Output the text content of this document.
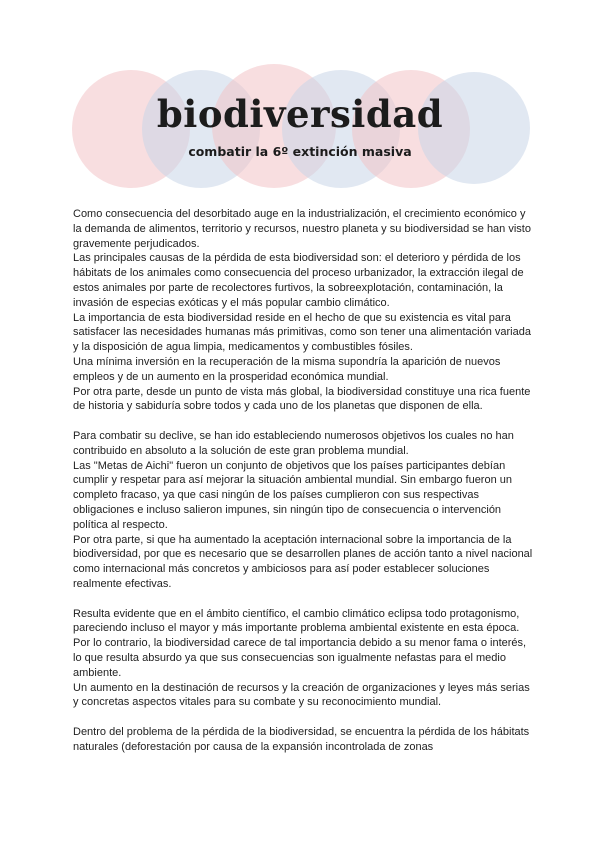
biodiversidad
combatir la 6º extinción masiva

Como consecuencia del desorbitado auge en la industrialización, el crecimiento económico y la demanda de alimentos, territorio y recursos, nuestro planeta y su biodiversidad se han visto gravemente perjudicados.

Las principales causas de la pérdida de esta biodiversidad son: el deterioro y pérdida de los hábitats de los animales como consecuencia del proceso urbanizador, la extracción ilegal de estos animales por parte de recolectores furtivos, la sobreexplotación, contaminación, la invasión de especias exóticas y el más popular cambio climático.

La importancia de esta biodiversidad reside en el hecho de que su existencia es vital para satisfacer las necesidades humanas más primitivas, como son tener una alimentación variada y la disposición de agua limpia, medicamentos y combustibles fósiles.

Una mínima inversión en la recuperación de la misma supondría la aparición de nuevos empleos y de un aumento en la prosperidad económica mundial.

Por otra parte, desde un punto de vista más global, la biodiversidad constituye una rica fuente de historia y sabiduría sobre todos y cada uno de los planetas que disponen de ella.

Para combatir su declive, se han ido estableciendo numerosos objetivos los cuales no han contribuido en absoluto a la solución de este gran problema mundial.

Las "Metas de Aichi" fueron un conjunto de objetivos que los países participantes debían cumplir y respetar para así mejorar la situación ambiental mundial. Sin embargo fueron un completo fracaso, ya que casi ningún de los países cumplieron con sus respectivas obligaciones e incluso salieron impunes, sin ningún tipo de consecuencia o intervención política al respecto.

Por otra parte, si que ha aumentado la aceptación internacional sobre la importancia de la biodiversidad, por que es necesario que se desarrollen planes de acción tanto a nivel nacional como internacional más concretos y ambiciosos para así poder establecer soluciones realmente efectivas.

Resulta evidente que en el ámbito científico, el cambio climático eclipsa todo protagonismo, pareciendo incluso el mayor y más importante problema ambiental existente en esta época.

Por lo contrario, la biodiversidad carece de tal importancia debido a su menor fama o interés, lo que resulta absurdo ya que sus consecuencias son igualmente nefastas para el medio ambiente.

Un aumento en la destinación de recursos y la creación de organizaciones y leyes más serias y concretas aspectos vitales para su combate y su reconocimiento mundial.

Dentro del problema de la pérdida de la biodiversidad, se encuentra la pérdida de los hábitats naturales (deforestación por causa de la expansión incontrolada de zonas
